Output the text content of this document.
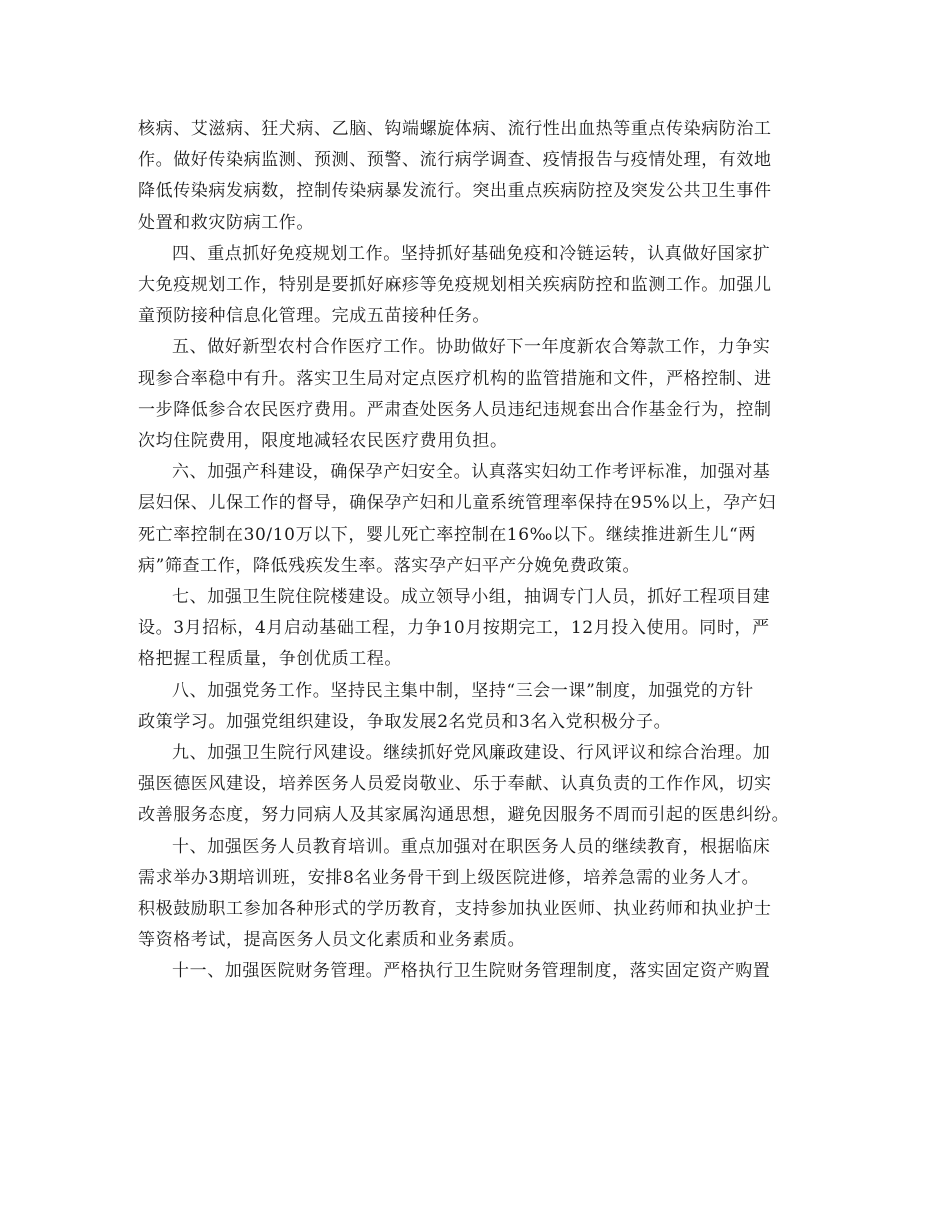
核病、艾滋病、狂犬病、乙脑、钩端螺旋体病、流行性出血热等重点传染病防治工
作。做好传染病监测、预测、预警、流行病学调查、疫情报告与疫情处理，有效地
降低传染病发病数，控制传染病暴发流行。突出重点疾病防控及突发公共卫生事件
处置和救灾防病工作。

四、重点抓好免疫规划工作。坚持抓好基础免疫和冷链运转，认真做好国家扩
大免疫规划工作，特别是要抓好麻疹等免疫规划相关疾病防控和监测工作。加强儿
童预防接种信息化管理。完成五苗接种任务。

五、做好新型农村合作医疗工作。协助做好下一年度新农合筹款工作，力争实
现参合率稳中有升。落实卫生局对定点医疗机构的监管措施和文件，严格控制、进
一步降低参合农民医疗费用。严肃查处医务人员违纪违规套出合作基金行为，控制
次均住院费用，限度地减轻农民医疗费用负担。

六、加强产科建设，确保孕产妇安全。认真落实妇幼工作考评标准，加强对基
层妇保、儿保工作的督导，确保孕产妇和儿童系统管理率保持在95%以上，孕产妇
死亡率控制在30/10万以下，婴儿死亡率控制在16‰以下。继续推进新生儿“两
病”筛查工作，降低残疾发生率。落实孕产妇平产分娩免费政策。

七、加强卫生院住院楼建设。成立领导小组，抽调专门人员，抓好工程项目建
设。3月招标，4月启动基础工程，力争10月按期完工，12月投入使用。同时，严
格把握工程质量，争创优质工程。

八、加强党务工作。坚持民主集中制，坚持“三会一课”制度，加强党的方针
政策学习。加强党组织建设，争取发展2名党员和3名入党积极分子。

九、加强卫生院行风建设。继续抓好党风廉政建设、行风评议和综合治理。加
强医德医风建设，培养医务人员爱岗敬业、乐于奉献、认真负责的工作作风，切实
改善服务态度，努力同病人及其家属沟通思想，避免因服务不周而引起的医患纠纷。

十、加强医务人员教育培训。重点加强对在职医务人员的继续教育，根据临床
需求举办3期培训班，安排8名业务骨干到上级医院进修，培养急需的业务人才。
积极鼓励职工参加各种形式的学历教育，支持参加执业医师、执业药师和执业护士
等资格考试，提高医务人员文化素质和业务素质。

十一、加强医院财务管理。严格执行卫生院财务管理制度，落实固定资产购置
